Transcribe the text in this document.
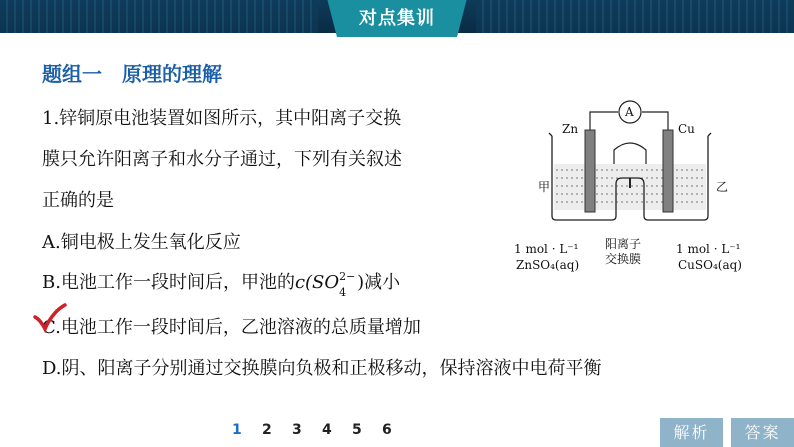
对点集训
题组一 原理的理解
1.锌铜原电池装置如图所示，其中阳离子交换
膜只允许阳离子和水分子通过，下列有关叙述
正确的是
A.铜电极上发生氧化反应
B.电池工作一段时间后，甲池的c(SO 2−
4 )减小
C.电池工作一段时间后，乙池溶液的总质量增加
D.阴、阳离子分别通过交换膜向负极和正极移动，保持溶液中电荷平衡
A
Zn	Cu
甲	乙
1 mol · L⁻¹
ZnSO₄(aq)
阳离子
交换膜
1 mol · L⁻¹
CuSO₄(aq)
1 2 3 4 5 6	解析	答案
